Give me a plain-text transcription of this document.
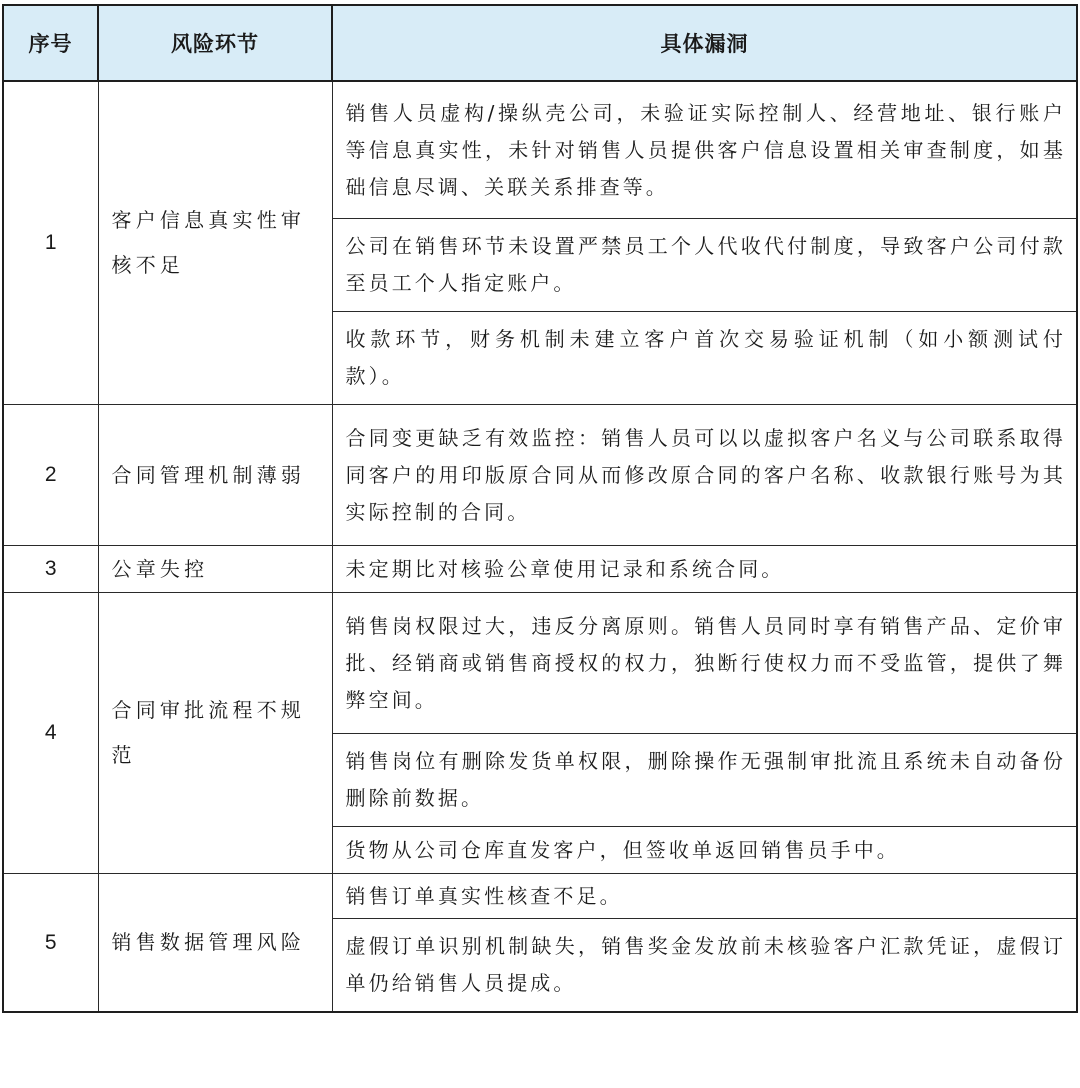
序号	风险环节	具体漏洞
1	客户信息真实性审核不足	销售人员虚构/操纵壳公司，未验证实际控制人、经营地址、银行账户等信息真实性，未针对销售人员提供客户信息设置相关审查制度，如基础信息尽调、关联关系排查等。
		公司在销售环节未设置严禁员工个人代收代付制度，导致客户公司付款至员工个人指定账户。
		收款环节，财务机制未建立客户首次交易验证机制（如小额测试付款）。
2	合同管理机制薄弱	合同变更缺乏有效监控：销售人员可以以虚拟客户名义与公司联系取得同客户的用印版原合同从而修改原合同的客户名称、收款银行账号为其实际控制的合同。
3	公章失控	未定期比对核验公章使用记录和系统合同。
4	合同审批流程不规范	销售岗权限过大，违反分离原则。销售人员同时享有销售产品、定价审批、经销商或销售商授权的权力，独断行使权力而不受监管，提供了舞弊空间。
		销售岗位有删除发货单权限，删除操作无强制审批流且系统未自动备份删除前数据。
		货物从公司仓库直发客户，但签收单返回销售员手中。
5	销售数据管理风险	销售订单真实性核查不足。
		虚假订单识别机制缺失，销售奖金发放前未核验客户汇款凭证，虚假订单仍给销售人员提成。
